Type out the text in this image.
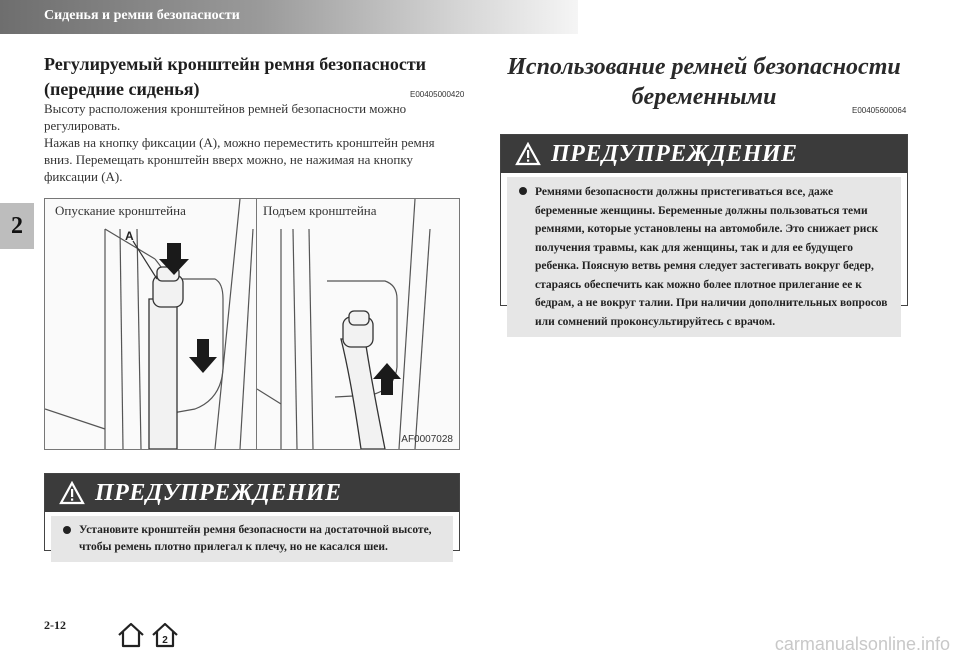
Сиденья и ремни безопасности
2
Регулируемый кронштейн ремня безопасности (передние сиденья)	E00405000420

Высоту расположения кронштейнов ремней безопасности можно регулировать.

Нажав на кнопку фиксации (А), можно переместить кронштейн ремня вниз. Перемещать кронштейн вверх можно, не нажимая на кнопку фиксации (А).

Опускание кронштейна	Подъем кронштейна
A
AF0007028
ПРЕДУПРЕЖДЕНИЕ
Установите кронштейн ремня безопасности на достаточной высоте, чтобы ремень плотно прилегал к плечу, но не касался шеи.
Использование ремней безопасности
беременными
E00405600064
ПРЕДУПРЕЖДЕНИЕ
Ремнями безопасности должны пристегиваться все, даже беременные женщины. Беременные должны пользоваться теми ремнями, которые установлены на автомобиле. Это снижает риск получения травмы, как для женщины, так и для ее будущего ребенка. Поясную ветвь ремня следует застегивать вокруг бедер, стараясь обеспечить как можно более плотное прилегание ее к бедрам, а не вокруг талии. При наличии дополнительных вопросов или сомнений проконсультируйтесь с врачом.
2-12
2	carmanualsonline.info
